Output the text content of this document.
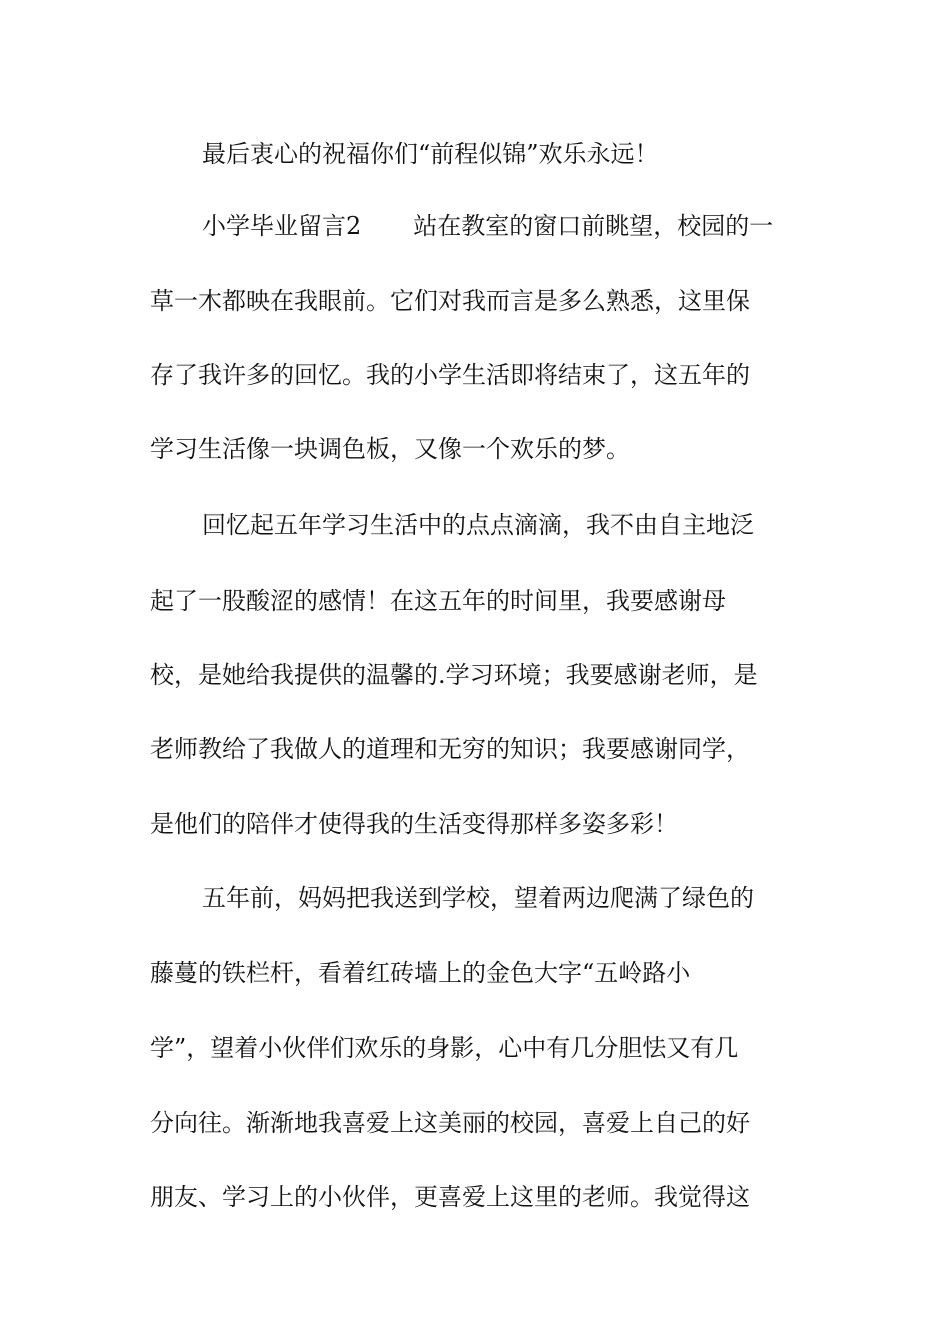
最后衷心的祝福你们“前程似锦”欢乐永远！
小学毕业留言2 站在教室的窗口前眺望，校园的一
草一木都映在我眼前。它们对我而言是多么熟悉，这里保
存了我许多的回忆。我的小学生活即将结束了，这五年的
学习生活像一块调色板，又像一个欢乐的梦。
回忆起五年学习生活中的点点滴滴，我不由自主地泛
起了一股酸涩的感情！在这五年的时间里，我要感谢母
校，是她给我提供的温馨的.学习环境；我要感谢老师，是
老师教给了我做人的道理和无穷的知识；我要感谢同学，
是他们的陪伴才使得我的生活变得那样多姿多彩！
五年前，妈妈把我送到学校，望着两边爬满了绿色的
藤蔓的铁栏杆，看着红砖墙上的金色大字“五岭路小
学”，望着小伙伴们欢乐的身影，心中有几分胆怯又有几
分向往。渐渐地我喜爱上这美丽的校园，喜爱上自己的好
朋友、学习上的小伙伴，更喜爱上这里的老师。我觉得这
